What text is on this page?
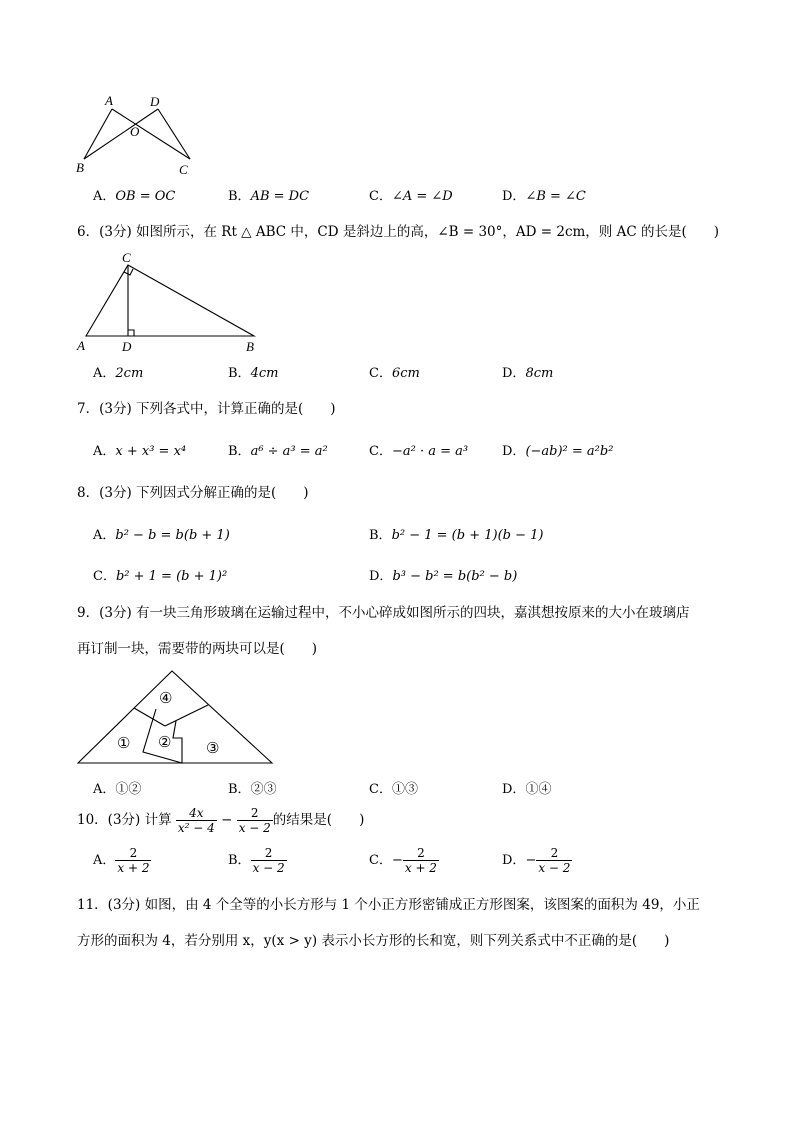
A	D
O
B	C
A．OB = OC	B．AB = DC	C．∠A = ∠D	D．∠B = ∠C
6．(3分) 如图所示，在 Rt △ ABC 中，CD 是斜边上的高，∠B = 30°，AD = 2cm，则 AC 的长是(　　)
C
A	D	B
A．2cm	B．4cm	C．6cm	D．8cm
7．(3分) 下列各式中，计算正确的是(　　)
A．x + x³ = x⁴	B．a⁶ ÷ a³ = a²	C．−a² · a = a³	D．(−ab)² = a²b²
8．(3分) 下列因式分解正确的是(　　)
A．b² − b = b(b + 1)	B．b² − 1 = (b + 1)(b − 1)
C．b² + 1 = (b + 1)²	D．b³ − b² = b(b² − b)
9．(3分) 有一块三角形玻璃在运输过程中，不小心碎成如图所示的四块，嘉淇想按原来的大小在玻璃店
再订制一块，需要带的两块可以是(　　)
④
① ② ③
A．①②	B．②③	C．①③	D．①④
10．(3分) 计算 $\frac{4x}{\text{x² − 4}} - \frac{2}{x - 2}$ 的结果是(　　)
A． $\frac{2}{x + 2}$	B． $\frac{2}{x - 2}$	C．− $\frac{2}{x + 2}$	D．− $\frac{2}{x - 2}$
11．(3分) 如图，由 4 个全等的小长方形与 1 个小正方形密铺成正方形图案，该图案的面积为 49，小正
方形的面积为 4，若分别用 x，y(x > y) 表示小长方形的长和宽，则下列关系式中不正确的是(　　)
